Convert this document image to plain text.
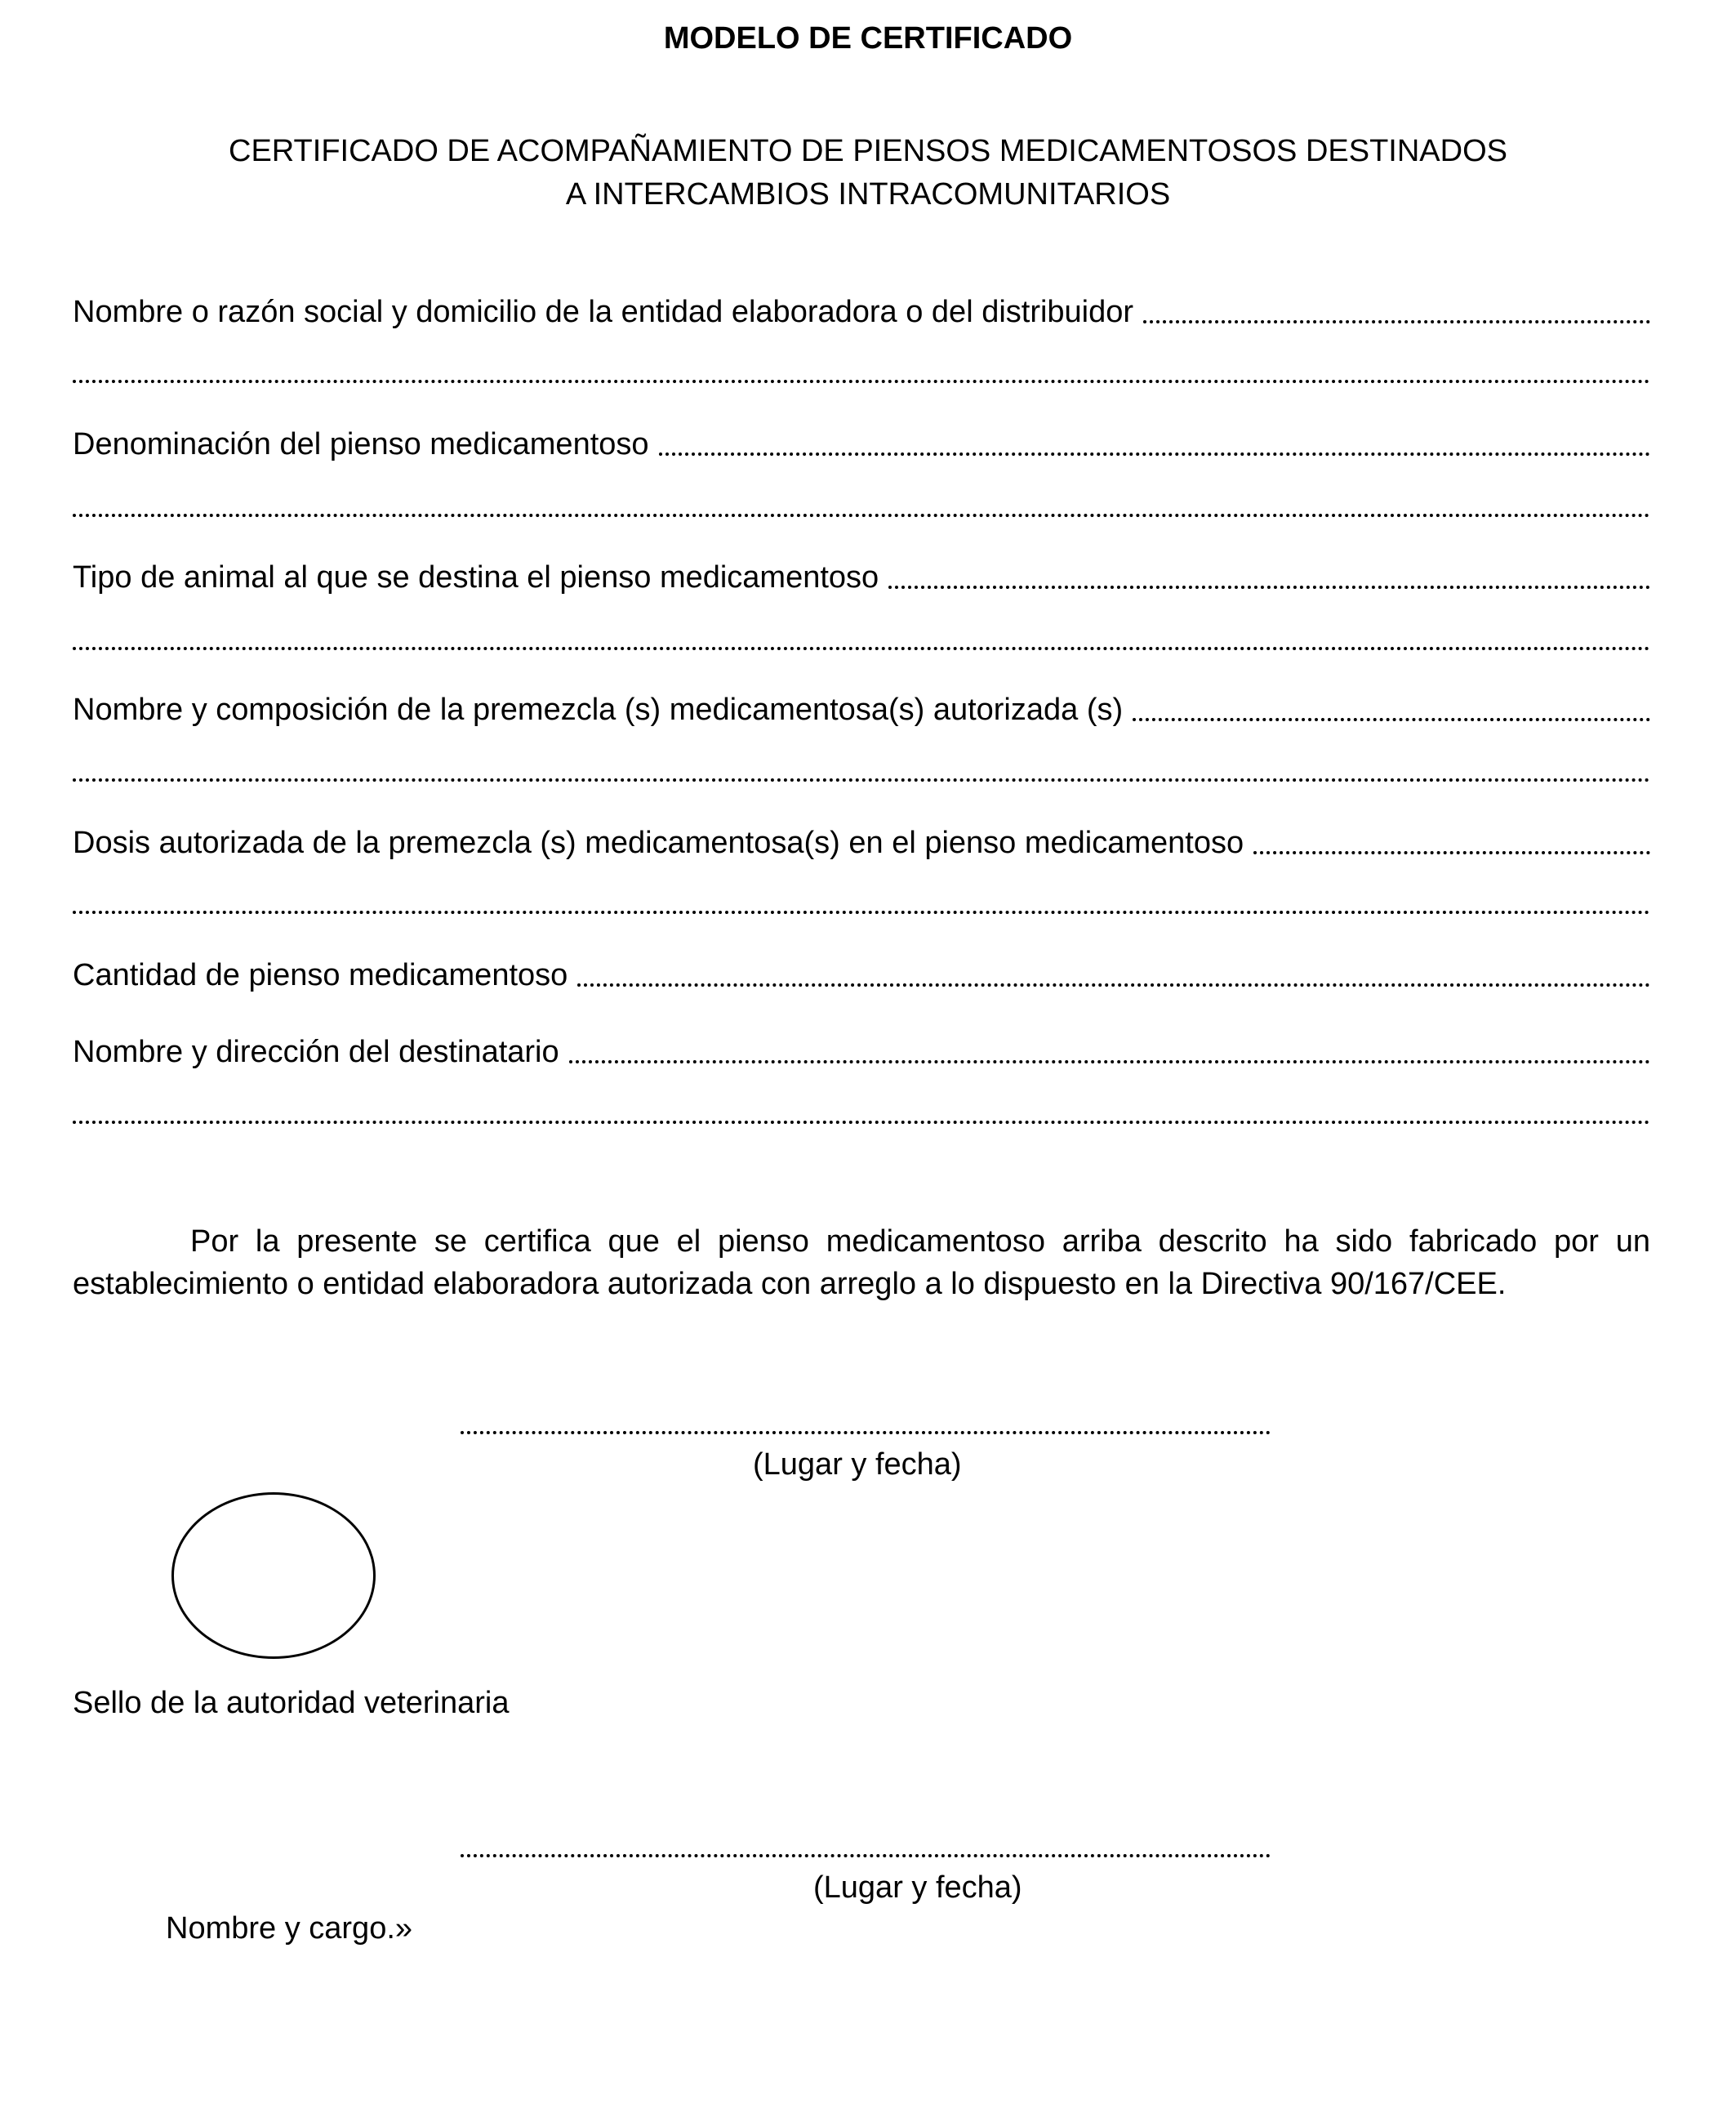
MODELO DE CERTIFICADO
CERTIFICADO DE ACOMPAÑAMIENTO DE PIENSOS MEDICAMENTOSOS DESTINADOS
A INTERCAMBIOS INTRACOMUNITARIOS
Nombre o razón social y domicilio de la entidad elaboradora o del distribuidor
Denominación del pienso medicamentoso
Tipo de animal al que se destina el pienso medicamentoso
Nombre y composición de la premezcla (s) medicamentosa(s) autorizada (s)
Dosis autorizada de la premezcla (s) medicamentosa(s) en el pienso medicamentoso
Cantidad de pienso medicamentoso
Nombre y dirección del destinatario
Por la presente se certifica que el pienso medicamentoso arriba descrito ha sido fabricado por un establecimiento o entidad elaboradora autorizada con arreglo a lo dispuesto en la Directiva 90/167/CEE.
(Lugar y fecha)
Sello de la autoridad veterinaria
(Lugar y fecha)
Nombre y cargo.»
